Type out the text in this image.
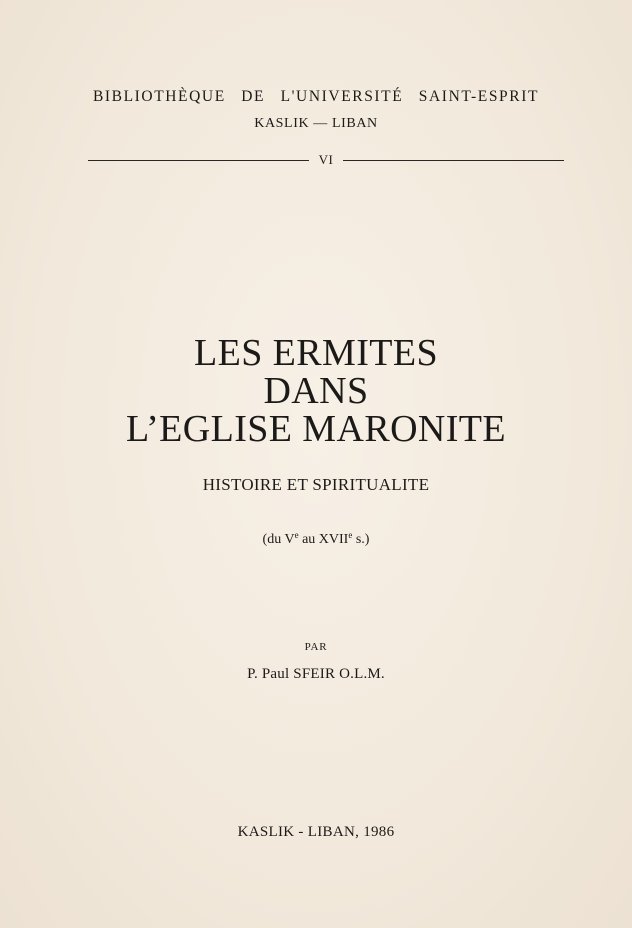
BIBLIOTHÈQUE DE L'UNIVERSITÉ SAINT-ESPRIT
KASLIK — LIBAN
VI
LES ERMITES
DANS
L’EGLISE MARONITE
HISTOIRE ET SPIRITUALITE
(du Ve au XVIIe s.)
PAR
P. Paul SFEIR O.L.M.
KASLIK - LIBAN, 1986
